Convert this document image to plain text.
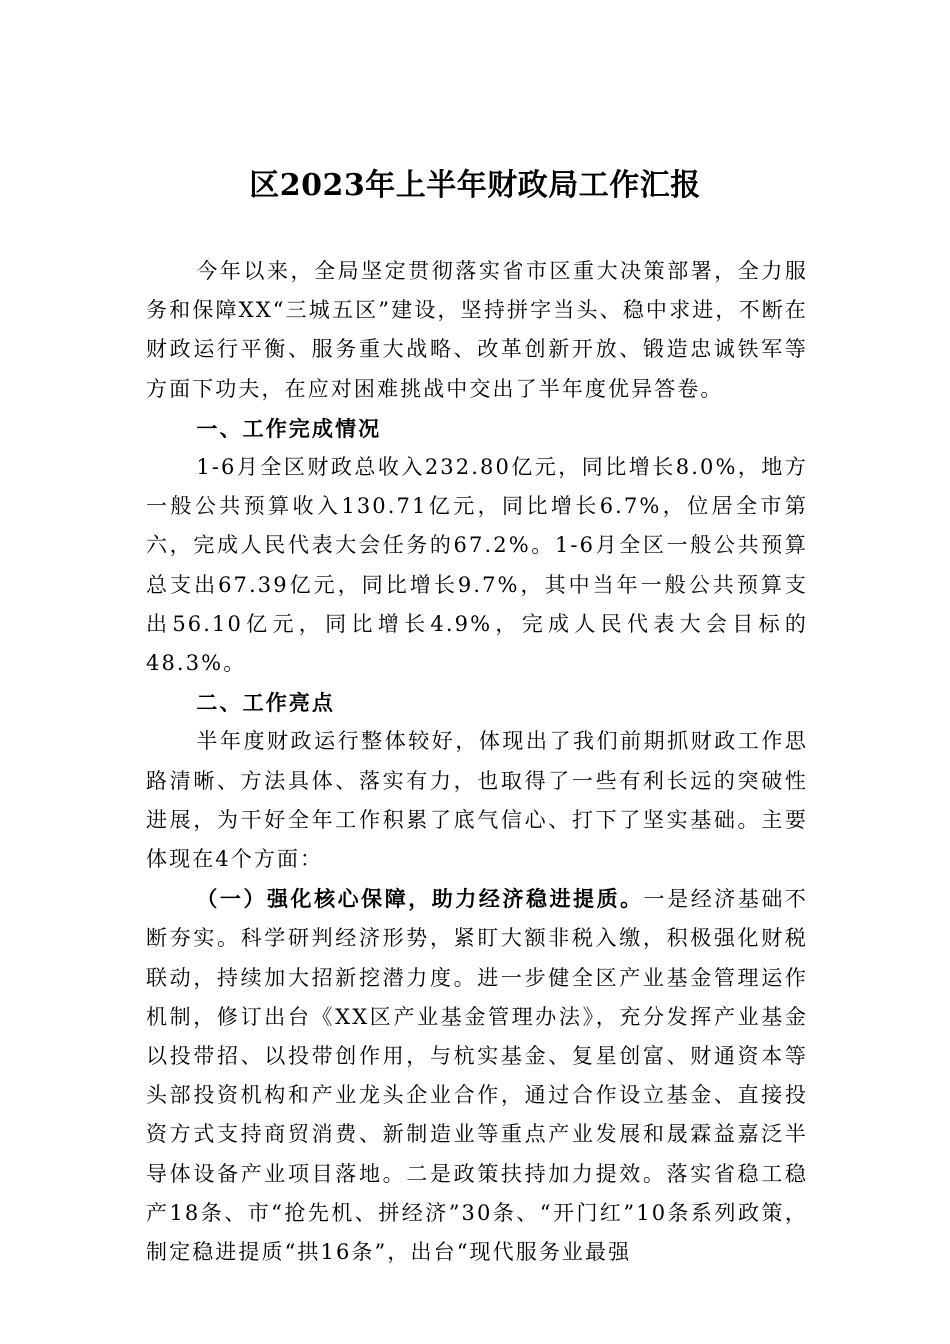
区2023年上半年财政局工作汇报

今年以来，全局坚定贯彻落实省市区重大决策部署，全力服务和保障XX“三城五区”建设，坚持拼字当头、稳中求进，不断在财政运行平衡、服务重大战略、改革创新开放、锻造忠诚铁军等方面下功夫，在应对困难挑战中交出了半年度优异答卷。

一、工作完成情况

1-6月全区财政总收入232.80亿元，同比增长8.0%，地方一般公共预算收入130.71亿元，同比增长6.7%，位居全市第六，完成人民代表大会任务的67.2%。1-6月全区一般公共预算总支出67.39亿元，同比增长9.7%，其中当年一般公共预算支出56.10亿元，同比增长4.9%，完成人民代表大会目标的48.3%。

二、工作亮点

半年度财政运行整体较好，体现出了我们前期抓财政工作思路清晰、方法具体、落实有力，也取得了一些有利长远的突破性进展，为干好全年工作积累了底气信心、打下了坚实基础。主要体现在4个方面：

（一）强化核心保障，助力经济稳进提质。一是经济基础不断夯实。科学研判经济形势，紧盯大额非税入缴，积极强化财税联动，持续加大招新挖潜力度。进一步健全区产业基金管理运作机制，修订出台《XX区产业基金管理办法》，充分发挥产业基金以投带招、以投带创作用，与杭实基金、复星创富、财通资本等头部投资机构和产业龙头企业合作，通过合作设立基金、直接投资方式支持商贸消费、新制造业等重点产业发展和晟霖益嘉泛半导体设备产业项目落地。二是政策扶持加力提效。落实省稳工稳产18条、市“抢先机、拼经济”30条、“开门红”10条系列政策，制定稳进提质“拱16条”，出台“现代服务业最强
